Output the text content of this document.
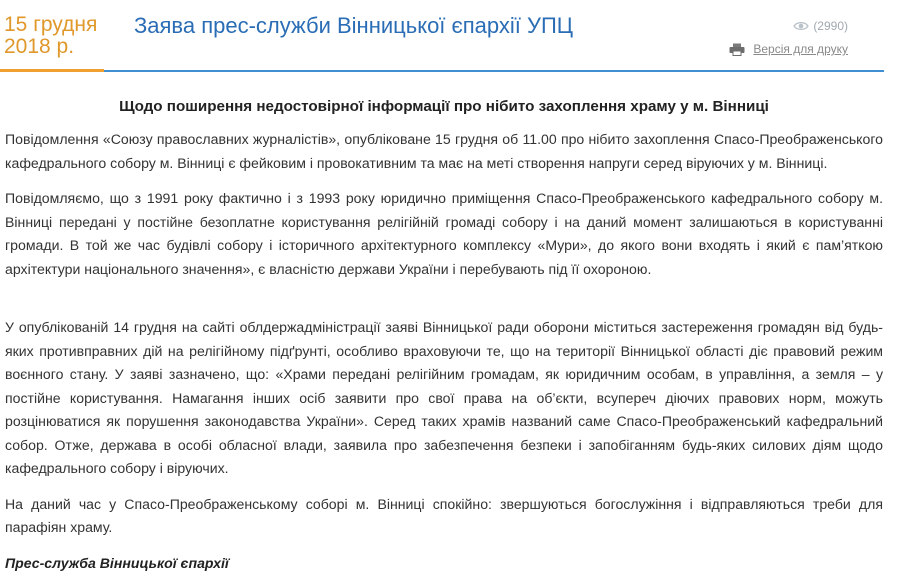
15 грудня
2018 р.
Заява прес-служби Вінницької єпархії УПЦ	(2990)
Версія для друку
Щодо поширення недостовірної інформації про нібито захоплення храму у м. Вінниці

Повідомлення «Союзу православних журналістів», опубліковане 15 грудня об 11.00 про нібито захоплення Спасо-Преображенського кафедрального собору м. Вінниці є фейковим і провокативним та має на меті створення напруги серед віруючих у м. Вінниці.

Повідомляємо, що з 1991 року фактично і з 1993 року юридично приміщення Спасо-Преображенського кафедрального собору м. Вінниці передані у постійне безоплатне користування релігійній громаді собору і на даний момент залишаються в користуванні громади. В той же час будівлі собору і історичного архітектурного комплексу «Мури», до якого вони входять і який є пам’яткою архітектури національного значення», є власністю держави України і перебувають під її охороною.

У опублікованій 14 грудня на сайті облдержадміністрації заяві Вінницької ради оборони міститься застереження громадян від будь-яких противправних дій на релігійному підґрунті, особливо враховуючи те, що на території Вінницької області діє правовий режим воєнного стану. У заяві зазначено, що: «Храми передані релігійним громадам, як юридичним особам, в управління, а земля – у постійне користування. Намагання інших осіб заявити про свої права на об’єкти, всупереч діючих правових норм, можуть розцінюватися як порушення законодавства України». Серед таких храмів названий саме Спасо-Преображенський кафедральний собор. Отже, держава в особі обласної влади, заявила про забезпечення безпеки і запобіганням будь-яких силових діям щодо кафедрального собору і віруючих.

На даний час у Спасо-Преображенському соборі м. Вінниці спокійно: звершуються богослужіння і відправляються треби для парафіян храму.

Прес-служба Вінницької єпархії
